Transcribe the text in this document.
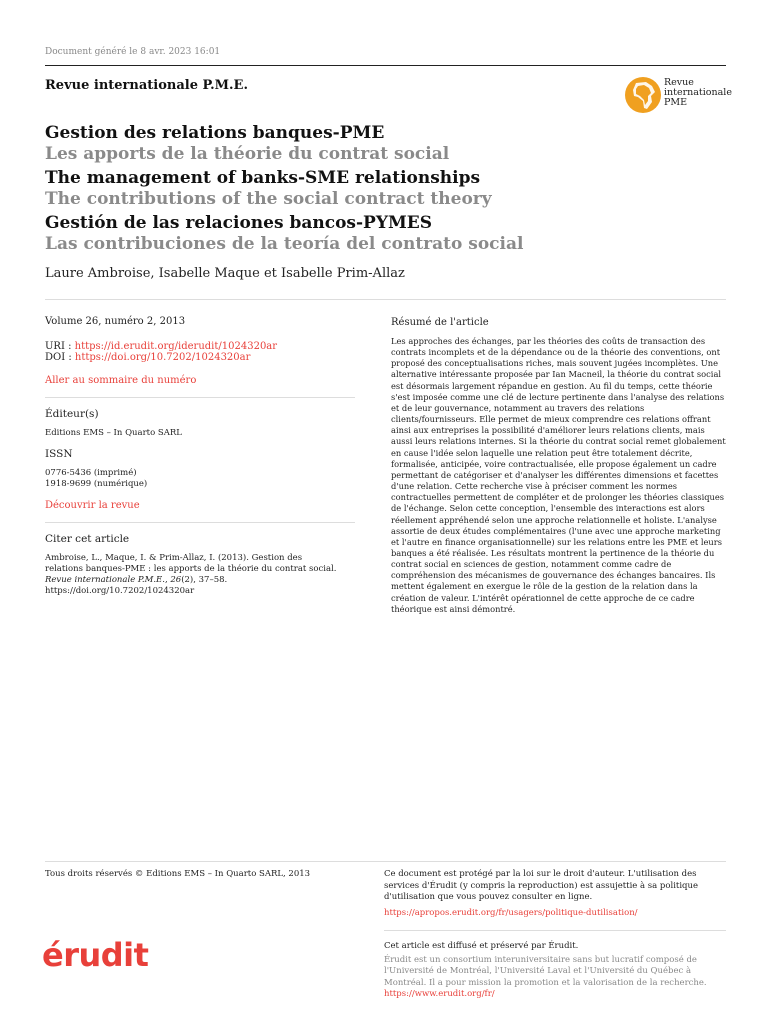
Document généré le 8 avr. 2023 16:01
Revue internationale P.M.E.	Revue
internationale
PME
Gestion des relations banques-PME
Les apports de la théorie du contrat social
The management of banks-SME relationships
The contributions of the social contract theory
Gestión de las relaciones bancos-PYMES
Las contribuciones de la teoría del contrato social
Laure Ambroise, Isabelle Maque et Isabelle Prim-Allaz
Volume 26, numéro 2, 2013
URI : https://id.erudit.org/iderudit/1024320ar
DOI : https://doi.org/10.7202/1024320ar
Aller au sommaire du numéro
Éditeur(s)
Editions EMS – In Quarto SARL
ISSN
0776-5436 (imprimé)
1918-9699 (numérique)
Découvrir la revue
Citer cet article
Ambroise, L., Maque, I. & Prim-Allaz, I. (2013). Gestion des relations banques-PME : les apports de la théorie du contrat social. Revue internationale P.M.E., 26(2), 37–58. https://doi.org/10.7202/1024320ar
Résumé de l'article
Les approches des échanges, par les théories des coûts de transaction des
contrats incomplets et de la dépendance ou de la théorie des conventions, ont
proposé des conceptualisations riches, mais souvent jugées incomplètes. Une
alternative intéressante proposée par Ian Macneil, la théorie du contrat social
est désormais largement répandue en gestion. Au fil du temps, cette théorie
s'est imposée comme une clé de lecture pertinente dans l'analyse des relations
et de leur gouvernance, notamment au travers des relations
clients/fournisseurs. Elle permet de mieux comprendre ces relations offrant
ainsi aux entreprises la possibilité d'améliorer leurs relations clients, mais
aussi leurs relations internes. Si la théorie du contrat social remet globalement
en cause l'idée selon laquelle une relation peut être totalement décrite,
formalisée, anticipée, voire contractualisée, elle propose également un cadre
permettant de catégoriser et d'analyser les différentes dimensions et facettes
d'une relation. Cette recherche vise à préciser comment les normes
contractuelles permettent de compléter et de prolonger les théories classiques
de l'échange. Selon cette conception, l'ensemble des interactions est alors
réellement appréhendé selon une approche relationnelle et holiste. L'analyse
assortie de deux études complémentaires (l'une avec une approche marketing
et l'autre en finance organisationnelle) sur les relations entre les PME et leurs
banques a été réalisée. Les résultats montrent la pertinence de la théorie du
contrat social en sciences de gestion, notamment comme cadre de
compréhension des mécanismes de gouvernance des échanges bancaires. Ils
mettent également en exergue le rôle de la gestion de la relation dans la
création de valeur. L'intérêt opérationnel de cette approche de ce cadre
théorique est ainsi démontré.
Tous droits réservés © Editions EMS – In Quarto SARL, 2013	Ce document est protégé par la loi sur le droit d'auteur. L'utilisation des
services d'Érudit (y compris la reproduction) est assujettie à sa politique
d'utilisation que vous pouvez consulter en ligne.
https://apropos.erudit.org/fr/usagers/politique-dutilisation/
érudit	Cet article est diffusé et préservé par Érudit.
Érudit est un consortium interuniversitaire sans but lucratif composé de
l'Université de Montréal, l'Université Laval et l'Université du Québec à
Montréal. Il a pour mission la promotion et la valorisation de la recherche.
https://www.erudit.org/fr/
